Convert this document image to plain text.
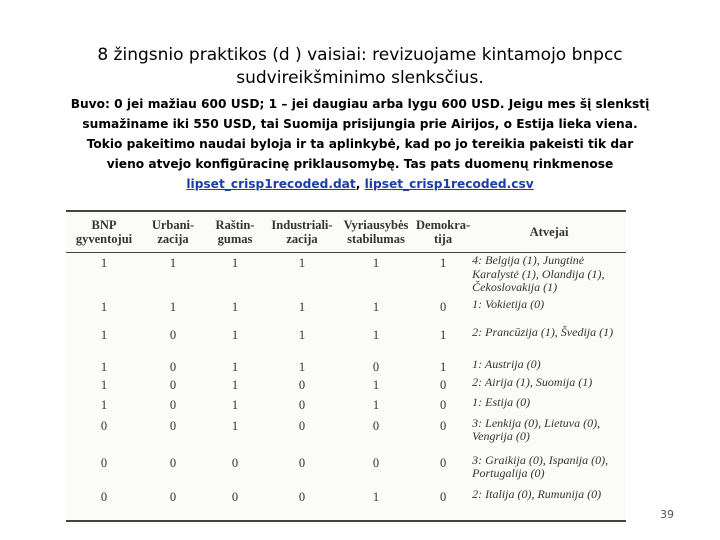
8 žingsnio praktikos (d ) vaisiai: revizuojame kintamojo bnpcc sudvireikšminimo slenksčius.
Buvo: 0 jei mažiau 600 USD; 1 – jei daugiau arba lygu 600 USD. Jeigu mes šį slenkstį sumažiname iki 550 USD, tai Suomija prisijungia prie Airijos, o Estija lieka viena. Tokio pakeitimo naudai byloja ir ta aplinkybė, kad po jo tereikia pakeisti tik dar vieno atvejo konfigūracinę priklausomybę. Tas pats duomenų rinkmenose lipset_crisp1recoded.dat, lipset_crisp1recoded.csv
BNP gyventojui	Urbani- zacija	Raštin- gumas	Industriali- zacija	Vyriausybės stabilumas	Demokra- tija	Atvejai
1	1	1	1	1	1	4: Belgija (1), Jungtinė Karalystė (1), Olandija (1), Čekoslovakija (1)
1	1	1	1	1	0	1: Vokietija (0)
1	0	1	1	1	1	2: Prancūzija (1), Švedija (1)
1	0	1	1	0	1	1: Austrija (0)
1	0	1	0	1	0	2: Airija (1), Suomija (1)
1	0	1	0	1	0	1: Estija (0)
0	0	1	0	0	0	3: Lenkija (0), Lietuva (0), Vengrija (0)
0	0	0	0	0	0	3: Graikija (0), Ispanija (0), Portugalija (0)
0	0	0	0	1	0	2: Italija (0), Rumunija (0)
39
